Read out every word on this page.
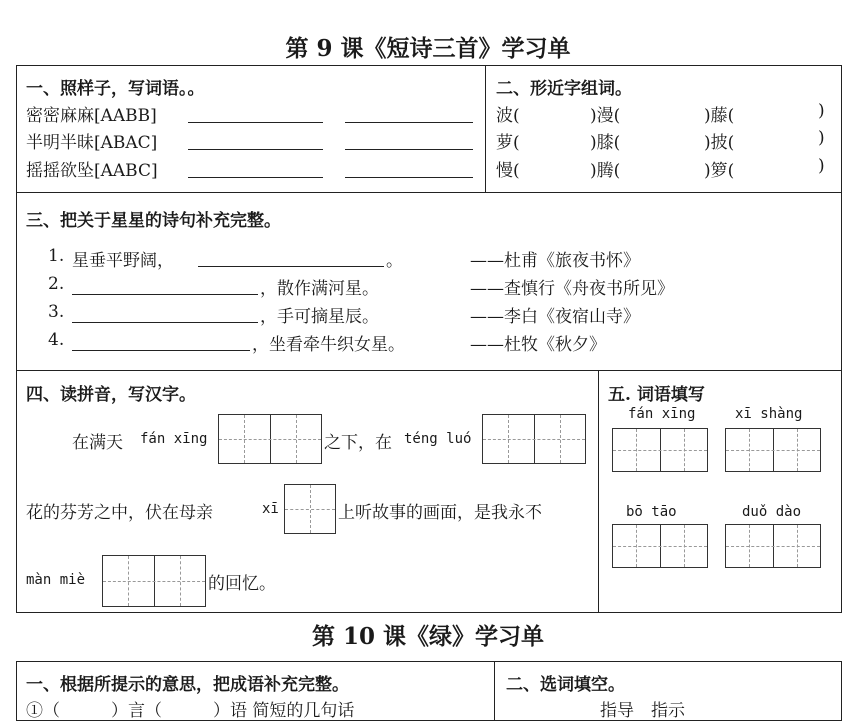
第 9 课《短诗三首》学习单
一、照样子，写词语。。
密密麻麻[AABB]
半明半昧[ABAC]
摇摇欲坠[AABC]
二、形近字组词。
波(	)漫(	)藤(	)
萝(	)膝(	)披(	)
慢(	)腾(	)箩(	)
三、把关于星星的诗句补充完整。
1. 星垂平野阔，	。	——杜甫《旅夜书怀》
2.	，散作满河星。	——查慎行《舟夜书所见》
3.	，手可摘星辰。	——李白《夜宿山寺》
4.	，坐看牵牛织女星。	——杜牧《秋夕》
四、读拼音，写汉字。
在满天 fán xīng	之下，在 téng luó
花的芬芳之中，伏在母亲	xī	上听故事的画面，是我永不
màn miè	的回忆。
五. 词语填写
fán xīng	xī shàng
bō tāo	duǒ dào
第 10 课《绿》学习单
一、根据所提示的意思，把成语补充完整。
①（　　　）言（　　　）语 简短的几句话
二、选词填空。
指导　指示
